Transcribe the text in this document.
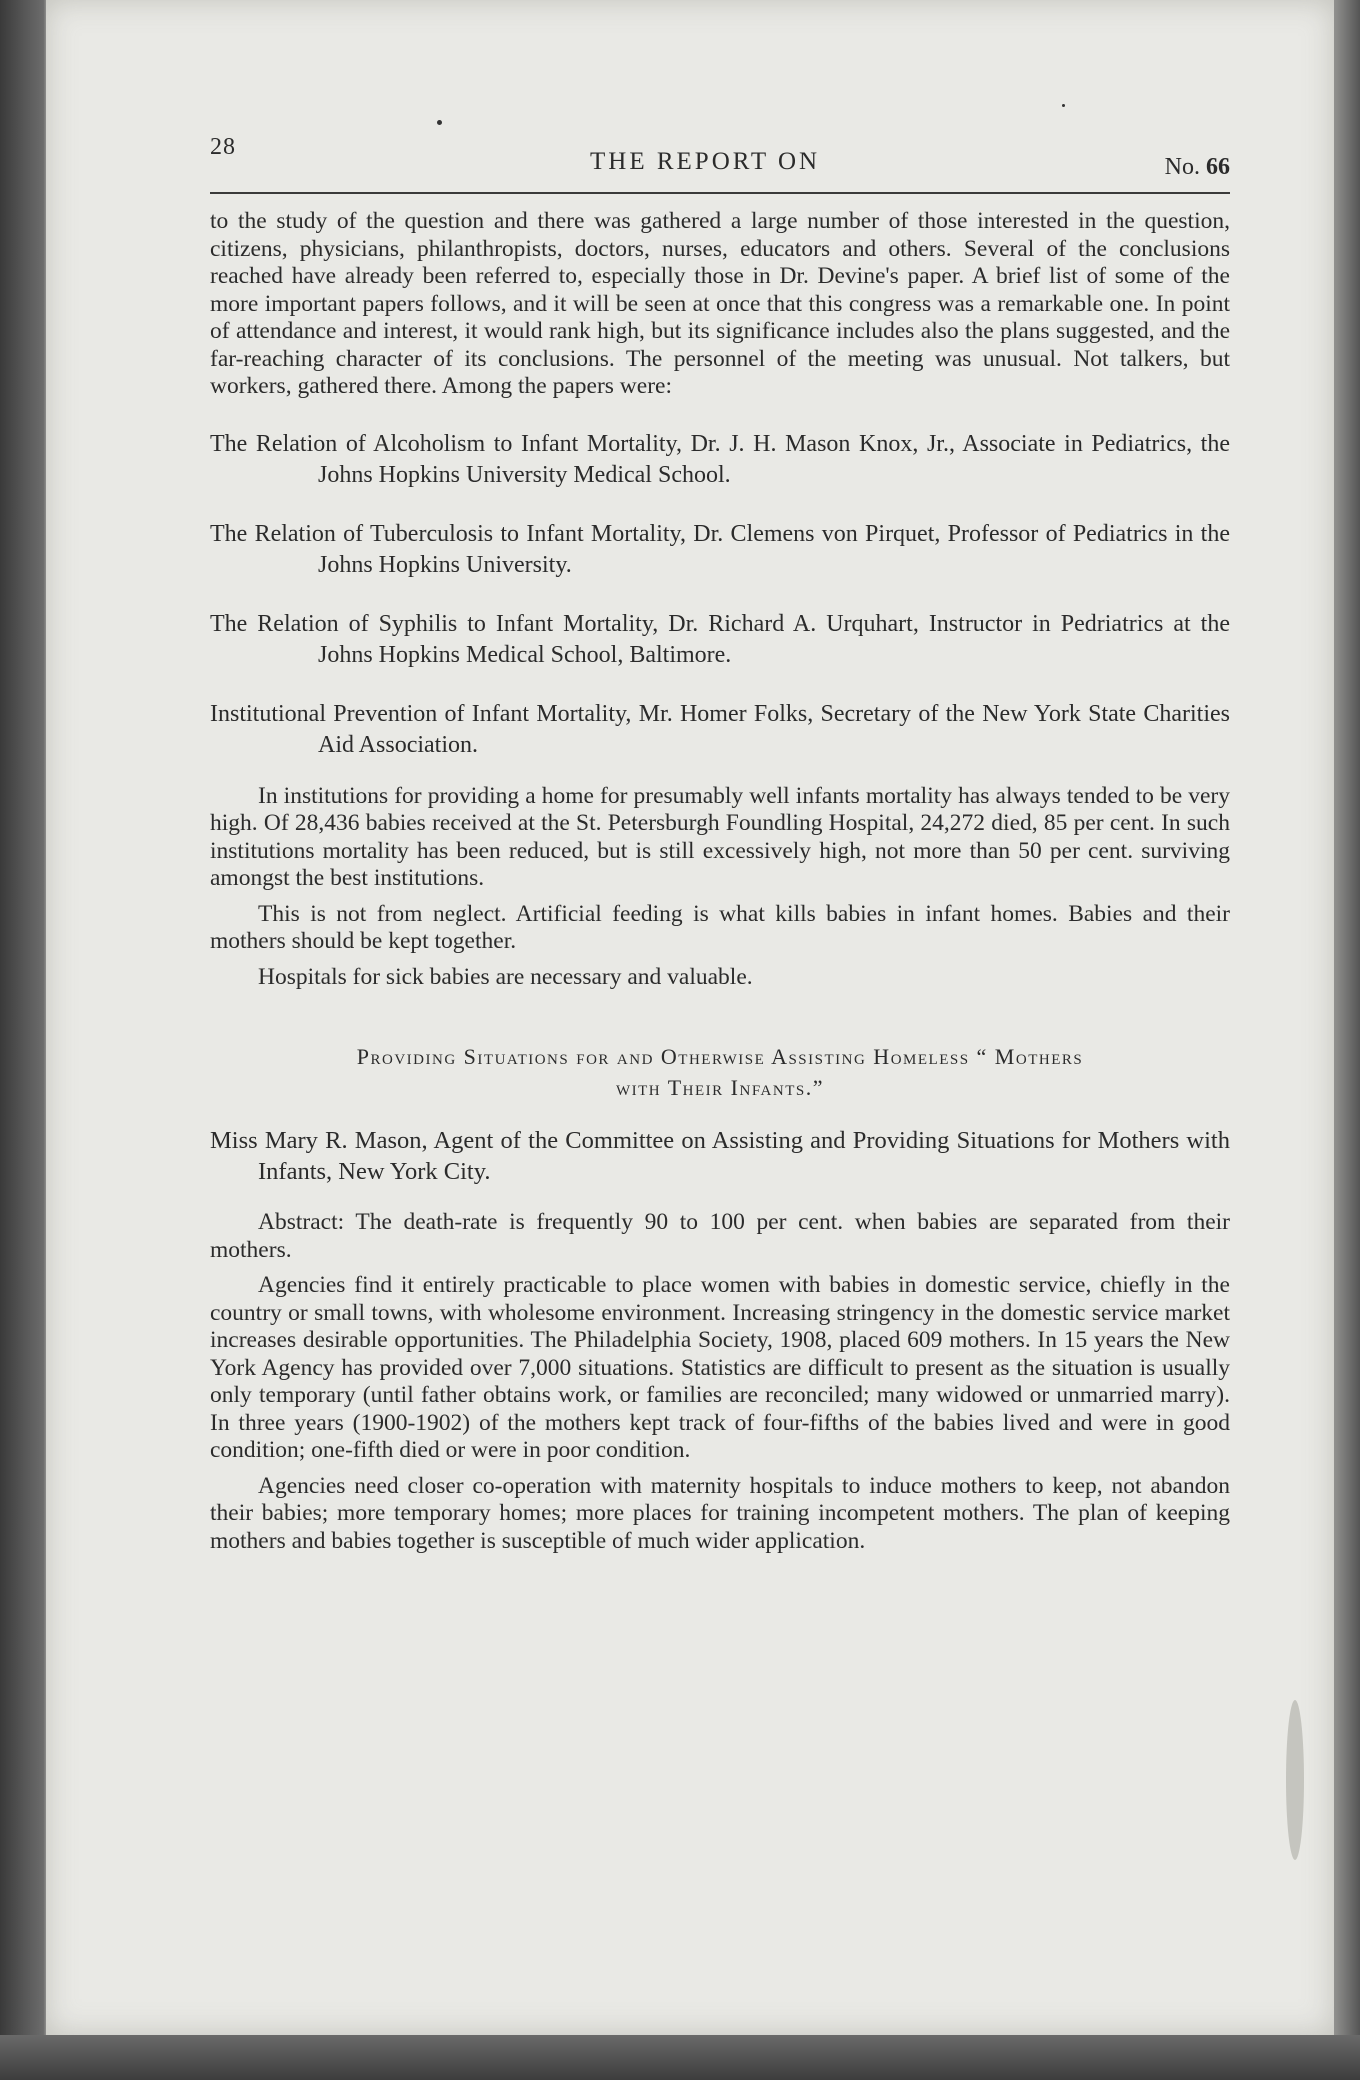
28
THE REPORT ON	No. 66

to the study of the question and there was gathered a large number of those interested in the question, citizens, physicians, philanthropists, doctors, nurses, educators and others. Several of the conclusions reached have already been referred to, especially those in Dr. Devine's paper. A brief list of some of the more important papers follows, and it will be seen at once that this congress was a remarkable one. In point of attendance and interest, it would rank high, but its significance includes also the plans suggested, and the far-reaching character of its conclusions. The personnel of the meeting was unusual. Not talkers, but workers, gathered there. Among the papers were:

The Relation of Alcoholism to Infant Mortality, Dr. J. H. Mason Knox, Jr., Associate in Pediatrics, the Johns Hopkins University Medical School.

The Relation of Tuberculosis to Infant Mortality, Dr. Clemens von Pirquet, Professor of Pediatrics in the Johns Hopkins University.

The Relation of Syphilis to Infant Mortality, Dr. Richard A. Urquhart, Instructor in Pedriatrics at the Johns Hopkins Medical School, Baltimore.

Institutional Prevention of Infant Mortality, Mr. Homer Folks, Secretary of the New York State Charities Aid Association.

In institutions for providing a home for presumably well infants mortality has always tended to be very high. Of 28,436 babies received at the St. Petersburgh Foundling Hospital, 24,272 died, 85 per cent. In such institutions mortality has been reduced, but is still excessively high, not more than 50 per cent. surviving amongst the best institutions.

This is not from neglect. Artificial feeding is what kills babies in infant homes. Babies and their mothers should be kept together.

Hospitals for sick babies are necessary and valuable.

Providing Situations for and Otherwise Assisting Homeless “ Mothers
with Their Infants.”

Miss Mary R. Mason, Agent of the Committee on Assisting and Providing Situations for Mothers with Infants, New York City.

Abstract: The death-rate is frequently 90 to 100 per cent. when babies are separated from their mothers.

Agencies find it entirely practicable to place women with babies in domestic service, chiefly in the country or small towns, with wholesome environment. Increasing stringency in the domestic service market increases desirable opportunities. The Philadelphia Society, 1908, placed 609 mothers. In 15 years the New York Agency has provided over 7,000 situations. Statistics are difficult to present as the situation is usually only temporary (until father obtains work, or families are reconciled; many widowed or unmarried marry). In three years (1900-1902) of the mothers kept track of four-fifths of the babies lived and were in good condition; one-fifth died or were in poor condition.

Agencies need closer co-operation with maternity hospitals to induce mothers to keep, not abandon their babies; more temporary homes; more places for training incompetent mothers. The plan of keeping mothers and babies together is susceptible of much wider application.
